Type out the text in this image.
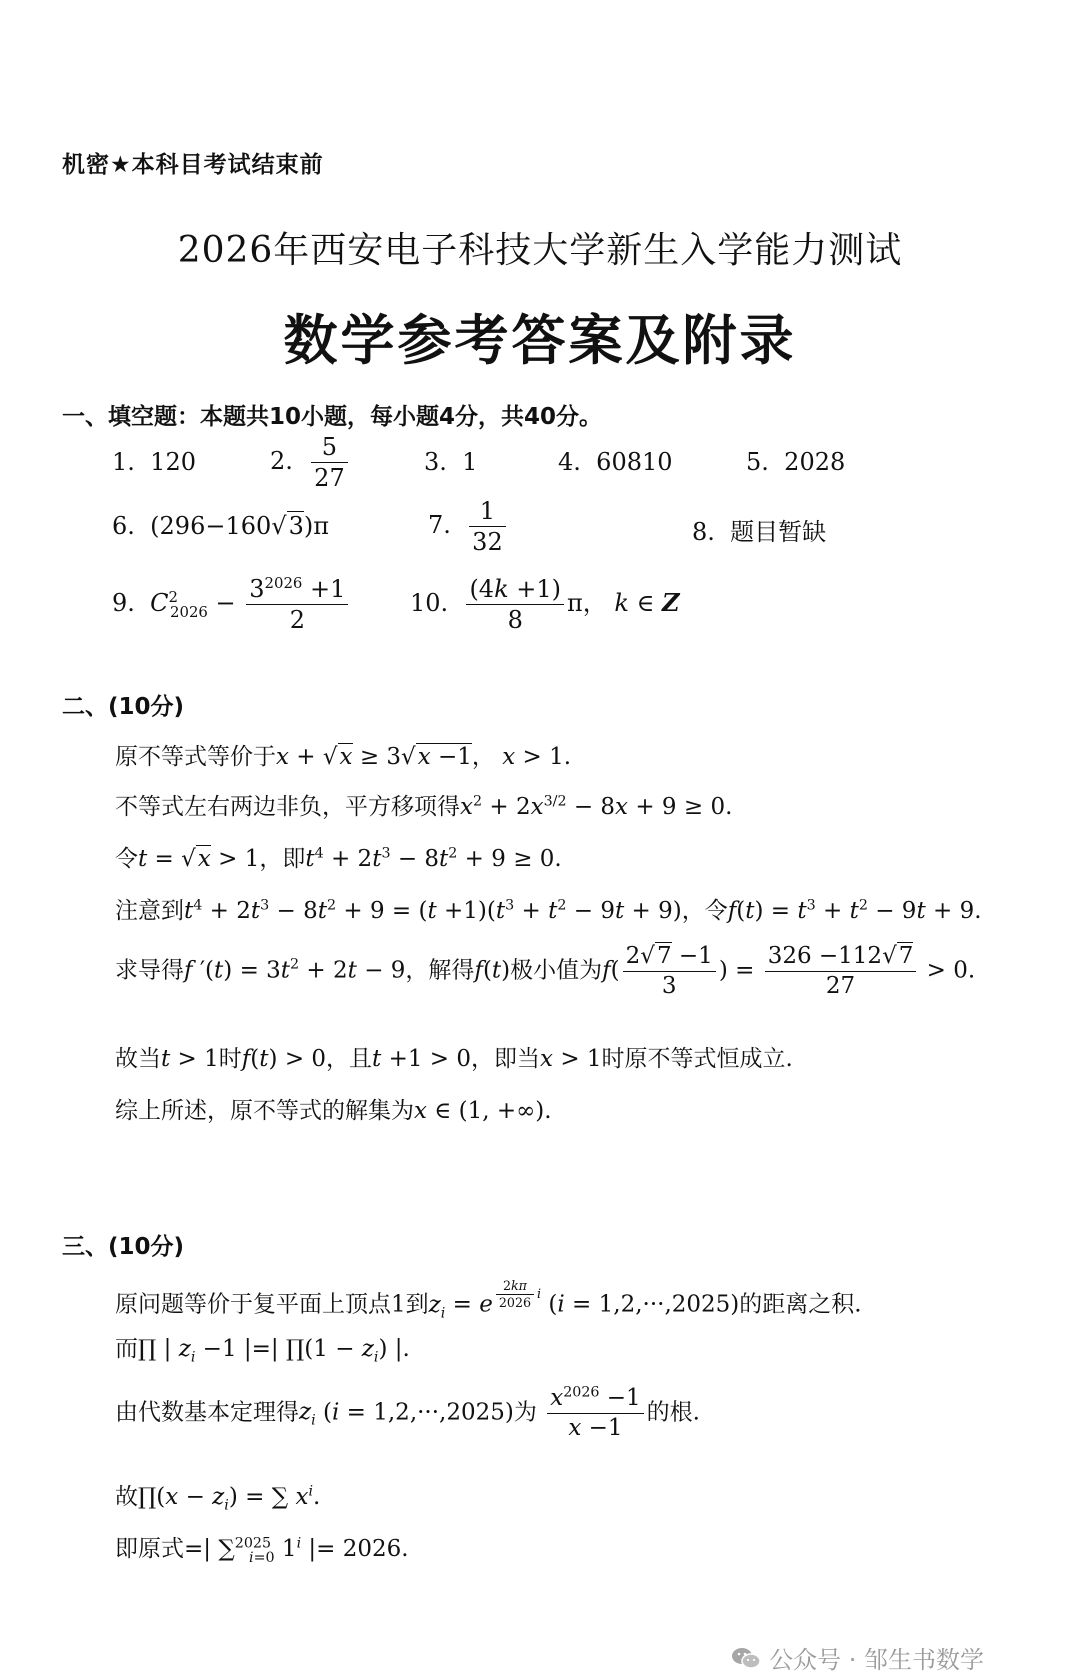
机密★本科目考试结束前
2026年西安电子科技大学新生入学能力测试
数学参考答案及附录
一、填空题：本题共10小题，每小题4分，共40分。
1. 120	2. $\frac{5}{27}$	3. 1	4. 60810	5. 2028
6. (296−160√3)π	7. $\frac{1}{32}$	8. 题目暂缺
9. $C^2_{2026} - \frac{3^{2026} +1}{2}$	10. $\frac{(4k +1)}{8}$ π， k ∈ Z
二、(10分)
原不等式等价于x + √x ≥ 3√x −1， x > 1.
不等式左右两边非负，平方移项得$x^2 + 2x^{3/2} - 8x + 9 \ge 0$.
令t = √x > 1，即$t^4 + 2t^3 - 8t^2 + 9 \ge 0$.
注意到$t^4 + 2t^3 - 8t^2 + 9 = (t +1)(t^3 + t^2 - 9t + 9)$，令$f(t) = t^3 + t^2 - 9t + 9$.
求导得f $'(t) = 3t^2 + 2t - 9$，解得f(t)极小值为$f( \frac{2√7 -1}{3}$ ) = $\frac{326 -112√7}{27} > 0$.
故当t > 1时f(t) > 0，且t +1 > 0，即当x > 1时原不等式恒成立.
综上所述，原不等式的解集为x ∈ (1, +∞).
三、(10分)
原问题等价于复平面上顶点1到$z_i = e$ $^{\frac{2k\pi}{2026} i}$ (i = 1,2,···,2025)的距离之积.
而∏ | $z_i -1$ |=| ∏(1 − $z_i$) |.
由代数基本定理得$z_i$ (i = 1,2,···,2025)为 $\frac{x^{2026} -1}{x -1}$ 的根.
故∏(x − $z_i$) = ∑ $x^i$.
即原式=| ∑$^{2025}_{i=0}$ 1$^i$ |= 2026.
公众号 · 邹生书数学
